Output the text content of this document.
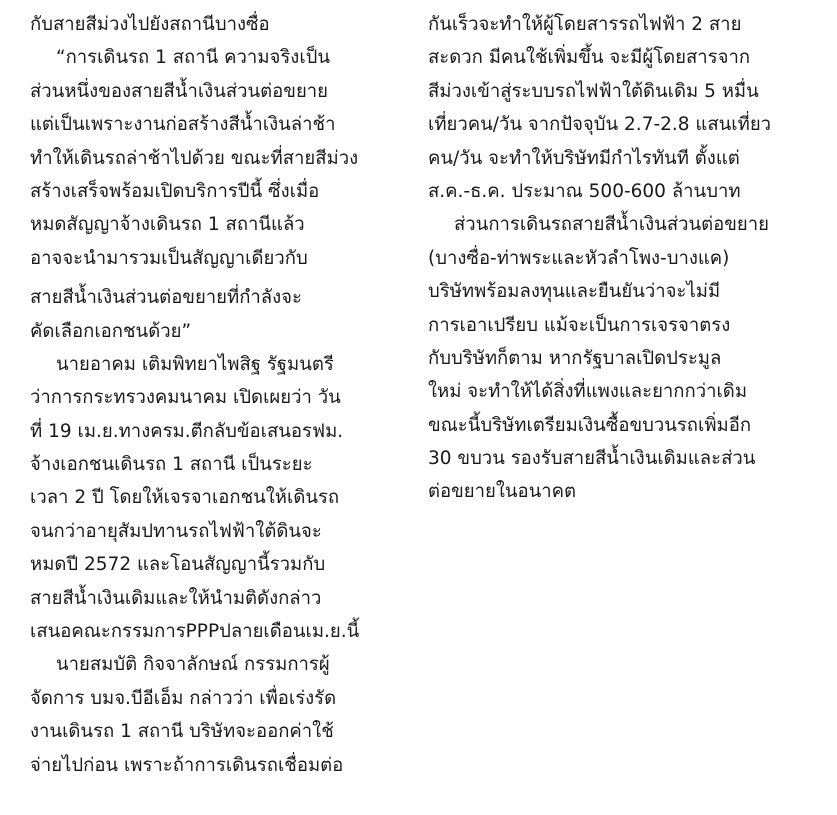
กับสายสีม่วงไปยังสถานีบางซื่อ
“การเดินรถ 1 สถานี ความจริงเป็น
ส่วนหนึ่งของสายสีน้ำเงินส่วนต่อขยาย
แต่เป็นเพราะงานก่อสร้างสีน้ำเงินล่าช้า
ทำให้เดินรถล่าช้าไปด้วย ขณะที่สายสีม่วง
สร้างเสร็จพร้อมเปิดบริการปีนี้ ซึ่งเมื่อ
หมดสัญญาจ้างเดินรถ 1 สถานีแล้ว
อาจจะนำมารวมเป็นสัญญาเดียวกับ
สายสีน้ำเงินส่วนต่อขยายที่กำลังจะ
คัดเลือกเอกชนด้วย”
นายอาคม เติมพิทยาไพสิฐ รัฐมนตรี
ว่าการกระทรวงคมนาคม เปิดเผยว่า วัน
ที่ 19 เม.ย.ทางครม.ตีกลับข้อเสนอรฟม.
จ้างเอกชนเดินรถ 1 สถานี เป็นระยะ
เวลา 2 ปี โดยให้เจรจาเอกชนให้เดินรถ
จนกว่าอายุสัมปทานรถไฟฟ้าใต้ดินจะ
หมดปี 2572 และโอนสัญญานี้รวมกับ
สายสีน้ำเงินเดิมและให้นำมติดังกล่าว
เสนอคณะกรรมการPPPปลายเดือนเม.ย.นี้
นายสมบัติ กิจจาลักษณ์ กรรมการผู้
จัดการ บมจ.บีอีเอ็ม กล่าวว่า เพื่อเร่งรัด
งานเดินรถ 1 สถานี บริษัทจะออกค่าใช้
จ่ายไปก่อน เพราะถ้าการเดินรถเชื่อมต่อ
กันเร็วจะทำให้ผู้โดยสารรถไฟฟ้า 2 สาย
สะดวก มีคนใช้เพิ่มขึ้น จะมีผู้โดยสารจาก
สีม่วงเข้าสู่ระบบรถไฟฟ้าใต้ดินเดิม 5 หมื่น
เที่ยวคน/วัน จากปัจจุบัน 2.7-2.8 แสนเที่ยว
คน/วัน จะทำให้บริษัทมีกำไรทันที ตั้งแต่
ส.ค.-ธ.ค. ประมาณ 500-600 ล้านบาท
ส่วนการเดินรถสายสีน้ำเงินส่วนต่อขยาย
(บางซื่อ-ท่าพระและหัวลำโพง-บางแค)
บริษัทพร้อมลงทุนและยืนยันว่าจะไม่มี
การเอาเปรียบ แม้จะเป็นการเจรจาตรง
กับบริษัทก็ตาม หากรัฐบาลเปิดประมูล
ใหม่ จะทำให้ได้สิ่งที่แพงและยากกว่าเดิม
ขณะนี้บริษัทเตรียมเงินซื้อขบวนรถเพิ่มอีก
30 ขบวน รองรับสายสีน้ำเงินเดิมและส่วน
ต่อขยายในอนาคต
